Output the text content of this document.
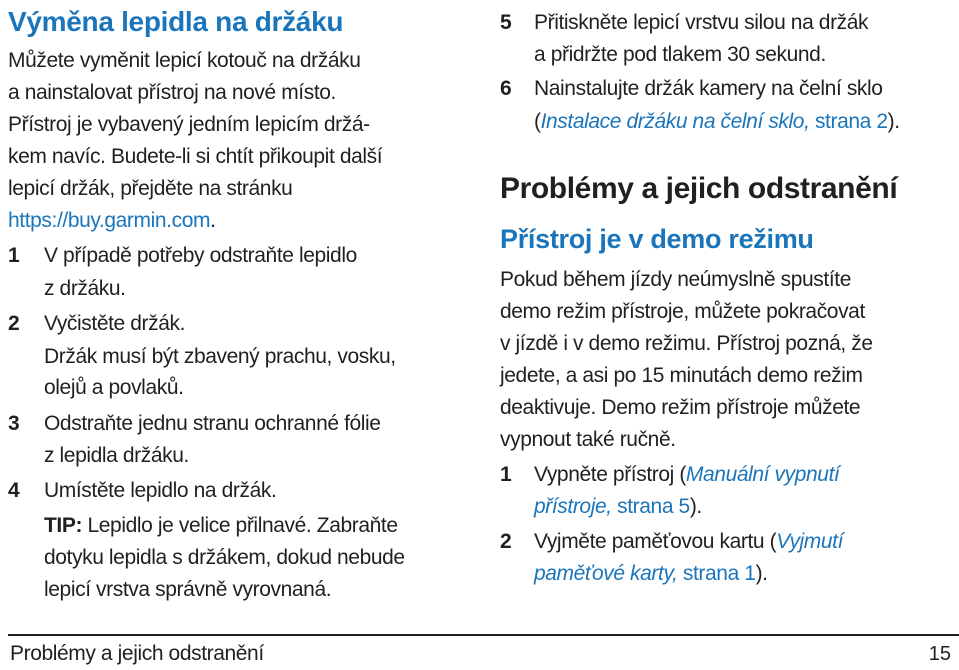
Výměna lepidla na držáku
Můžete vyměnit lepicí kotouč na držáku
a nainstalovat přístroj na nové místo.
Přístroj je vybavený jedním lepicím držá-
kem navíc. Budete-li si chtít přikoupit další
lepicí držák, přejděte na stránku
https://buy.garmin.com.
1 V případě potřeby odstraňte lepidlo
z držáku.
2 Vyčistěte držák.
Držák musí být zbavený prachu, vosku,
olejů a povlaků.
3 Odstraňte jednu stranu ochranné fólie
z lepidla držáku.
4 Umístěte lepidlo na držák.
TIP: Lepidlo je velice přilnavé. Zabraňte
dotyku lepidla s držákem, dokud nebude
lepicí vrstva správně vyrovnaná.
5 Přitiskněte lepicí vrstvu silou na držák
a přidržte pod tlakem 30 sekund.
6 Nainstalujte držák kamery na čelní sklo
(Instalace držáku na čelní sklo, strana 2).
Problémy a jejich odstranění
Přístroj je v demo režimu
Pokud během jízdy neúmyslně spustíte
demo režim přístroje, můžete pokračovat
v jízdě i v demo režimu. Přístroj pozná, že
jedete, a asi po 15 minutách demo režim
deaktivuje. Demo režim přístroje můžete
vypnout také ručně.
1 Vypněte přístroj (Manuální vypnutí
přístroje, strana 5).
2 Vyjměte paměťovou kartu (Vyjmutí
paměťové karty, strana 1).
Problémy a jejich odstranění	15
